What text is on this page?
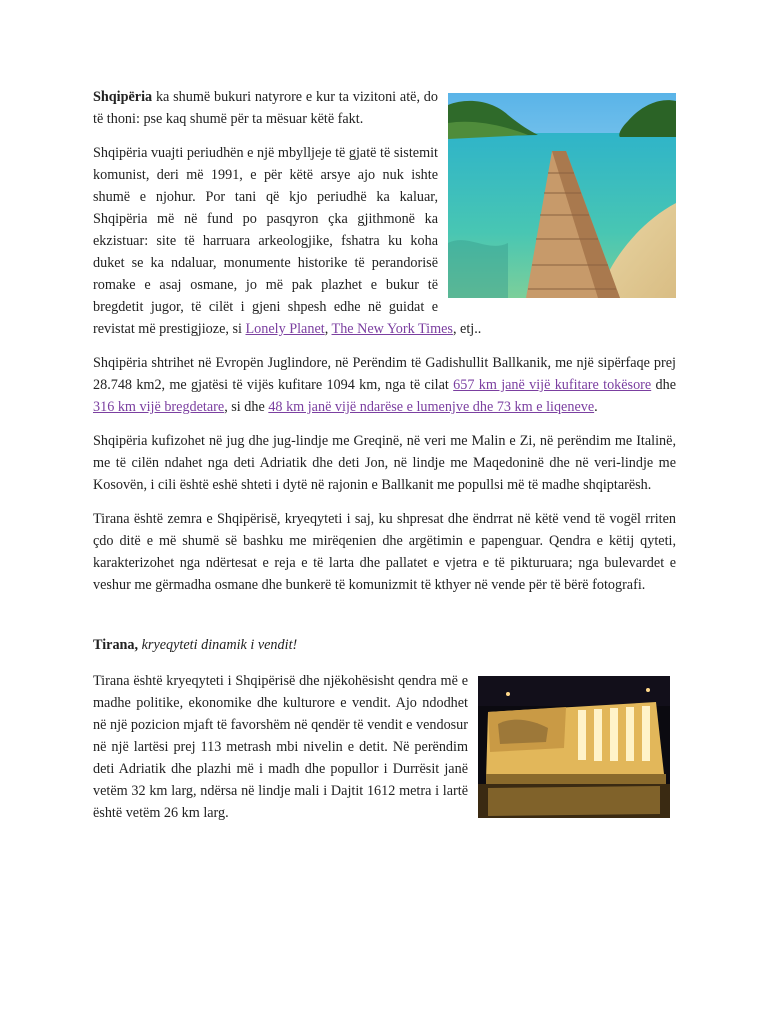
Shqipëria ka shumë bukuri natyrore e kur ta vizitoni atë, do të thoni: pse kaq shumë për ta mësuar këtë fakt.

Shqipëria vuajti periudhën e një mbylljeje të gjatë të sistemit komunist, deri më 1991, e për këtë arsye ajo nuk ishte shumë e njohur. Por tani që kjo periudhë ka kaluar, Shqipëria më në fund po pasqyron çka gjithmonë ka ekzistuar: site të harruara arkeologjike, fshatra ku koha duket se ka ndaluar, monumente historike të perandorisë romake e asaj osmane, jo më pak plazhet e bukur të bregdetit jugor, të cilët i gjeni shpesh edhe në guidat e revistat më prestigjioze, si Lonely Planet, The New York Times, etj..

Shqipëria shtrihet në Evropën Juglindore, në Perëndim të Gadishullit Ballkanik, me një sipërfaqe prej 28.748 km2, me gjatësi të vijës kufitare 1094 km, nga të cilat 657 km janë vijë kufitare tokësore dhe 316 km vijë bregdetare, si dhe 48 km janë vijë ndarëse e lumenjve dhe 73 km e liqeneve.

Shqipëria kufizohet në jug dhe jug-lindje me Greqinë, në veri me Malin e Zi, në perëndim me Italinë, me të cilën ndahet nga deti Adriatik dhe deti Jon, në lindje me Maqedoninë dhe në veri-lindje me Kosovën, i cili është eshë shteti i dytë në rajonin e Ballkanit me popullsi më të madhe shqiptarësh.

Tirana është zemra e Shqipërisë, kryeqyteti i saj, ku shpresat dhe ëndrrat në këtë vend të vogël rriten çdo ditë e më shumë së bashku me mirëqenien dhe argëtimin e papenguar. Qendra e këtij qyteti, karakterizohet nga ndërtesat e reja e të larta dhe pallatet e vjetra e të pikturuara; nga bulevardet e veshur me gërmadha osmane dhe bunkerë të komunizmit të kthyer në vende për të bërë fotografi.

Tirana, kryeqyteti dinamik i vendit!

Tirana është kryeqyteti i Shqipërisë dhe njëkohësisht qendra më e madhe politike, ekonomike dhe kulturore e vendit. Ajo ndodhet në një pozicion mjaft të favorshëm në qendër të vendit e vendosur në një lartësi prej 113 metrash mbi nivelin e detit. Në perëndim deti Adriatik dhe plazhi më i madh dhe popullor i Durrësit janë vetëm 32 km larg, ndërsa në lindje mali i Dajtit 1612 metra i lartë është vetëm 26 km larg.
